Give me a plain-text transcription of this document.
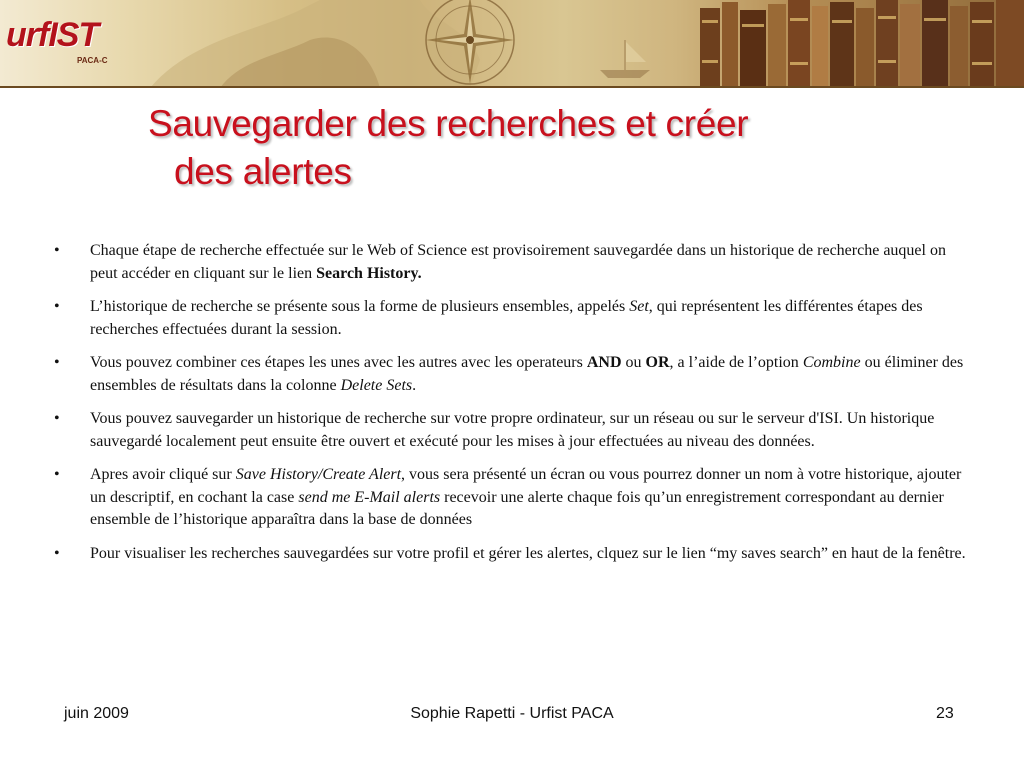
urfIST
PACA-C
Sauvegarder des recherches et créer
des alertes
• Chaque étape de recherche effectuée sur le Web of Science est provisoirement sauvegardée dans un historique de recherche auquel on peut accéder en cliquant sur le lien Search History.
• L’historique de recherche se présente sous la forme de plusieurs ensembles, appelés Set, qui représentent les différentes étapes des recherches effectuées durant la session.
• Vous pouvez combiner ces étapes les unes avec les autres avec les operateurs AND ou OR, a l’aide de l’option Combine ou éliminer des ensembles de résultats dans la colonne Delete Sets.
• Vous pouvez sauvegarder un historique de recherche sur votre propre ordinateur, sur un réseau ou sur le serveur d'ISI. Un historique sauvegardé localement peut ensuite être ouvert et exécuté pour les mises à jour effectuées au niveau des données.
• Apres avoir cliqué sur Save History/Create Alert, vous sera présenté un écran ou vous pourrez donner un nom à votre historique, ajouter un descriptif, en cochant la case send me E-Mail alerts recevoir une alerte chaque fois qu’un enregistrement correspondant au dernier ensemble de l’historique apparaîtra dans la base de données
• Pour visualiser les recherches sauvegardées sur votre profil et gérer les alertes, clquez sur le lien “my saves search” en haut de la fenêtre.
juin 2009	Sophie Rapetti - Urfist PACA	23
